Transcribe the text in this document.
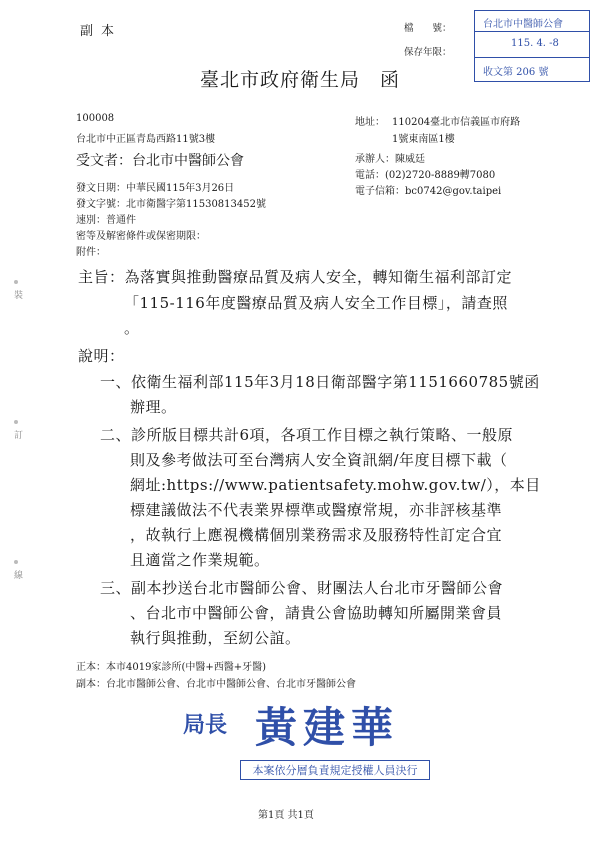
副本	檔　　號：
保存年限：
台北市中醫師公會
115. 4. -8
收文第 206 號
臺北市政府衛生局　函
100008
台北市中正區青島西路11號3樓
受文者：台北市中醫師公會
地址： 110204臺北市信義區市府路
1號東南區1樓
承辦人：陳威廷
電話：(02)2720-8889轉7080
電子信箱：bc0742@gov.taipei
發文日期：中華民國115年3月26日
發文字號：北市衛醫字第11530813452號
速別：普通件
密等及解密條件或保密期限：
附件：
主旨：為落實與推動醫療品質及病人安全，轉知衛生福利部訂定
「115-116年度醫療品質及病人安全工作目標」，請查照
。
說明：
一、依衛生福利部115年3月18日衛部醫字第1151660785號函
辦理。
二、診所版目標共計6項，各項工作目標之執行策略、一般原
則及參考做法可至台灣病人安全資訊網/年度目標下載（
網址:https://www.patientsafety.mohw.gov.tw/），本目
標建議做法不代表業界標準或醫療常規，亦非評核基準
，故執行上應視機構個別業務需求及服務特性訂定合宜
且適當之作業規範。
三、副本抄送台北市醫師公會、財團法人台北市牙醫師公會
、台北市中醫師公會，請貴公會協助轉知所屬開業會員
執行與推動，至紉公誼。
正本：本市4019家診所(中醫+西醫+牙醫)
副本：台北市醫師公會、台北市中醫師公會、台北市牙醫師公會
局長 黃建華
本案依分層負責規定授權人員決行
裝
訂
線
第1頁 共1頁
